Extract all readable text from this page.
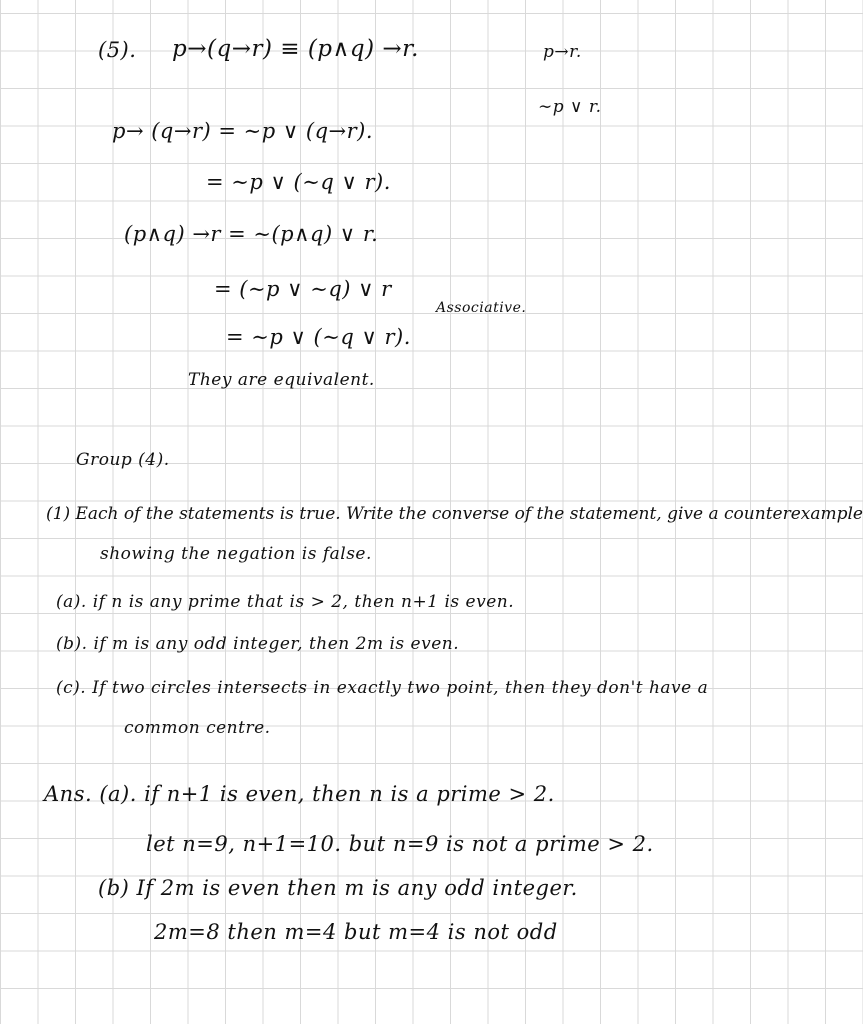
(5). p→(q→r) ≡ (p∧q) →r.	p→r.
∼p ∨ r.
p→ (q→r) = ∼p ∨ (q→r).
= ∼p ∨ (∼q ∨ r).
(p∧q) →r = ∼(p∧q) ∨ r.
= (∼p ∨ ∼q) ∨ r
Associative.
= ∼p ∨ (∼q ∨ r).
They are equivalent.
Group (4).
(1) Each of the statements is true. Write the converse of the statement, give a counterexample
showing the negation is false.
(a). if n is any prime that is > 2, then n+1 is even.
(b). if m is any odd integer, then 2m is even.
(c). If two circles intersects in exactly two point, then they don't have a
common centre.
Ans. (a). if n+1 is even, then n is a prime > 2.
let n=9, n+1=10. but n=9 is not a prime > 2.
(b) If 2m is even then m is any odd integer.
2m=8 then m=4 but m=4 is not odd
